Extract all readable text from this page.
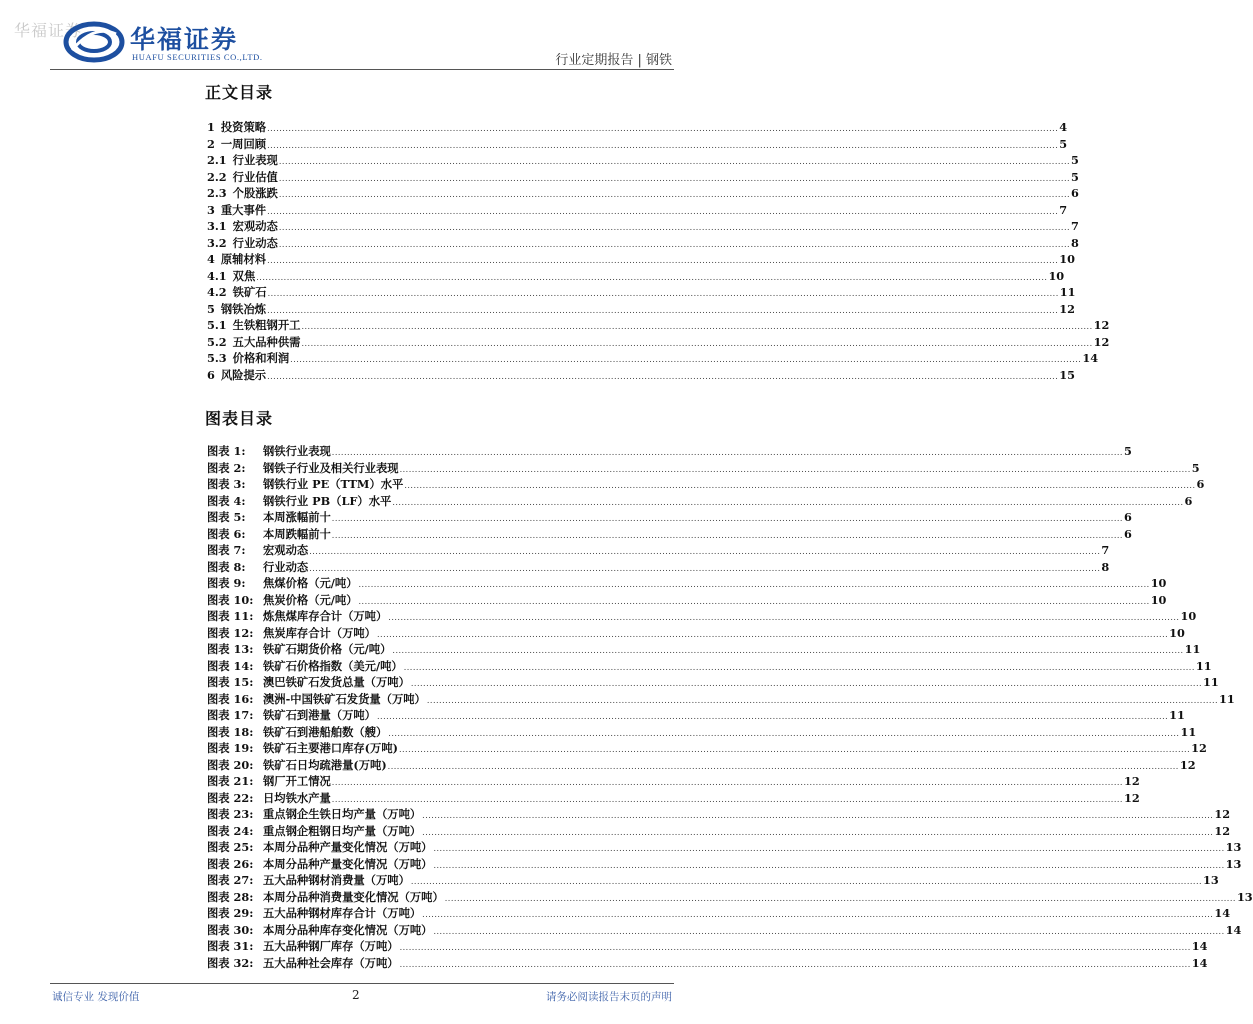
华福证券 华福证券
HUAFU SECURITIES CO.,LTD.	行业定期报告 | 钢铁
正文目录
1 投资策略 .................................................................................................................................................................................................................................................................... 4
2 一周回顾 .................................................................................................................................................................................................................................................................... 5
2.1 行业表现 .................................................................................................................................................................................................................................................................... 5
2.2 行业估值 .................................................................................................................................................................................................................................................................... 5
2.3 个股涨跌 .................................................................................................................................................................................................................................................................... 6
3 重大事件 .................................................................................................................................................................................................................................................................... 7
3.1 宏观动态 .................................................................................................................................................................................................................................................................... 7
3.2 行业动态 .................................................................................................................................................................................................................................................................... 8
4 原辅材料 .................................................................................................................................................................................................................................................................... 10
4.1 双焦 .................................................................................................................................................................................................................................................................... 10
4.2 铁矿石 .................................................................................................................................................................................................................................................................... 11
5 钢铁冶炼 .................................................................................................................................................................................................................................................................... 12
5.1 生铁粗钢开工 .................................................................................................................................................................................................................................................................... 12
5.2 五大品种供需 .................................................................................................................................................................................................................................................................... 12
5.3 价格和利润 .................................................................................................................................................................................................................................................................... 14
6 风险提示 .................................................................................................................................................................................................................................................................... 15
图表目录
图表 1:	钢铁行业表现 .................................................................................................................................................................................................................................................................... 5
图表 2:	钢铁子行业及相关行业表现 .................................................................................................................................................................................................................................................................... 5
图表 3:	钢铁行业 PE（TTM）水平 .................................................................................................................................................................................................................................................................... 6
图表 4:	钢铁行业 PB（LF）水平 .................................................................................................................................................................................................................................................................... 6
图表 5:	本周涨幅前十 .................................................................................................................................................................................................................................................................... 6
图表 6:	本周跌幅前十 .................................................................................................................................................................................................................................................................... 6
图表 7:	宏观动态 .................................................................................................................................................................................................................................................................... 7
图表 8:	行业动态 .................................................................................................................................................................................................................................................................... 8
图表 9:	焦煤价格（元/吨） .................................................................................................................................................................................................................................................................... 10
图表 10: 焦炭价格（元/吨） .................................................................................................................................................................................................................................................................... 10
图表 11: 炼焦煤库存合计（万吨） .................................................................................................................................................................................................................................................................... 10
图表 12: 焦炭库存合计（万吨） .................................................................................................................................................................................................................................................................... 10
图表 13: 铁矿石期货价格（元/吨） .................................................................................................................................................................................................................................................................... 11
图表 14: 铁矿石价格指数（美元/吨） .................................................................................................................................................................................................................................................................... 11
图表 15: 澳巴铁矿石发货总量（万吨） .................................................................................................................................................................................................................................................................... 11
图表 16: 澳洲-中国铁矿石发货量（万吨） .................................................................................................................................................................................................................................................................... 11
图表 17: 铁矿石到港量（万吨） .................................................................................................................................................................................................................................................................... 11
图表 18: 铁矿石到港船舶数（艘） .................................................................................................................................................................................................................................................................... 11
图表 19: 铁矿石主要港口库存(万吨) .................................................................................................................................................................................................................................................................... 12
图表 20: 铁矿石日均疏港量(万吨) .................................................................................................................................................................................................................................................................... 12
图表 21: 钢厂开工情况 .................................................................................................................................................................................................................................................................... 12
图表 22: 日均铁水产量 .................................................................................................................................................................................................................................................................... 12
图表 23: 重点钢企生铁日均产量（万吨） .................................................................................................................................................................................................................................................................... 12
图表 24: 重点钢企粗钢日均产量（万吨） .................................................................................................................................................................................................................................................................... 12
图表 25: 本周分品种产量变化情况（万吨） .................................................................................................................................................................................................................................................................... 13
图表 26: 本周分品种产量变化情况（万吨） .................................................................................................................................................................................................................................................................... 13
图表 27: 五大品种钢材消费量（万吨） .................................................................................................................................................................................................................................................................... 13
图表 28: 本周分品种消费量变化情况（万吨） .................................................................................................................................................................................................................................................................... 13
图表 29: 五大品种钢材库存合计（万吨） .................................................................................................................................................................................................................................................................... 14
图表 30: 本周分品种库存变化情况（万吨） .................................................................................................................................................................................................................................................................... 14
图表 31: 五大品种钢厂库存（万吨） .................................................................................................................................................................................................................................................................... 14
图表 32: 五大品种社会库存（万吨） .................................................................................................................................................................................................................................................................... 14
诚信专业 发现价值	2	请务必阅读报告末页的声明
